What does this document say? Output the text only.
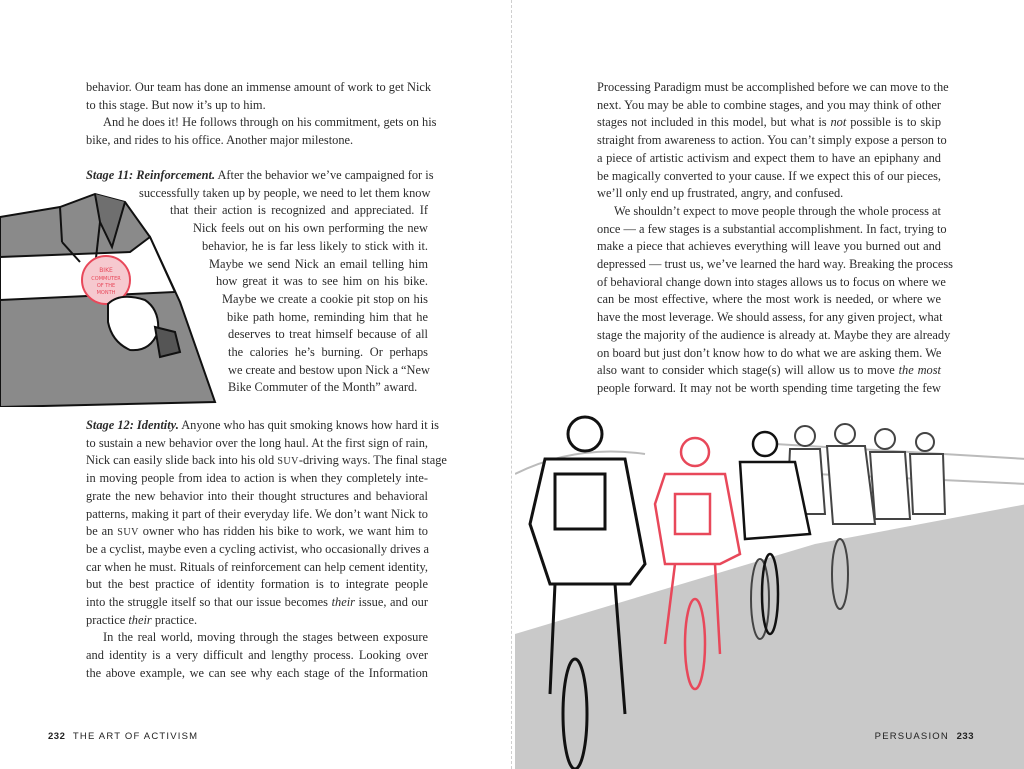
BIKE
COMMUTER
OF THE
MONTH
behavior. Our team has done an immense amount of work to get Nick
to this stage. But now it’s up to him.
And he does it! He follows through on his commitment, gets on his
bike, and rides to his office. Another major milestone.
Stage 11: Reinforcement. After the behavior we’ve campaigned for is
successfully taken up by people, we need to let them know
that their action is recognized and appreciated. If
Nick feels out on his own performing the new
behavior, he is far less likely to stick with it.
Maybe we send Nick an email telling him
how great it was to see him on his bike.
Maybe we create a cookie pit stop on his
bike path home, reminding him that he
deserves to treat himself because of all
the calories he’s burning. Or perhaps
we create and bestow upon Nick a “New
Bike Commuter of the Month” award.
Stage 12: Identity. Anyone who has quit smoking knows how hard it is
to sustain a new behavior over the long haul. At the first sign of rain,
Nick can easily slide back into his old SUV-driving ways. The final stage
in moving people from idea to action is when they completely inte-
grate the new behavior into their thought structures and behavioral
patterns, making it part of their everyday life. We don’t want Nick to
be an SUV owner who has ridden his bike to work, we want him to
be a cyclist, maybe even a cycling activist, who occasionally drives a
car when he must. Rituals of reinforcement can help cement identity,
but the best practice of identity formation is to integrate people
into the struggle itself so that our issue becomes their issue, and our
practice their practice.
In the real world, moving through the stages between exposure
and identity is a very difficult and lengthy process. Looking over
the above example, we can see why each stage of the Information
232 THE ART OF ACTIVISM
Processing Paradigm must be accomplished before we can move to the
next. You may be able to combine stages, and you may think of other
stages not included in this model, but what is not possible is to skip
straight from awareness to action. You can’t simply expose a person to
a piece of artistic activism and expect them to have an epiphany and
be magically converted to your cause. If we expect this of our pieces,
we’ll only end up frustrated, angry, and confused.
We shouldn’t expect to move people through the whole process at
once — a few stages is a substantial accomplishment. In fact, trying to
make a piece that achieves everything will leave you burned out and
depressed — trust us, we’ve learned the hard way. Breaking the process
of behavioral change down into stages allows us to focus on where we
can be most effective, where the most work is needed, or where we
have the most leverage. We should assess, for any given project, what
stage the majority of the audience is already at. Maybe they are already
on board but just don’t know how to do what we are asking them. We
also want to consider which stage(s) will allow us to move the most
people forward. It may not be worth spending time targeting the few
PERSUASION 233
